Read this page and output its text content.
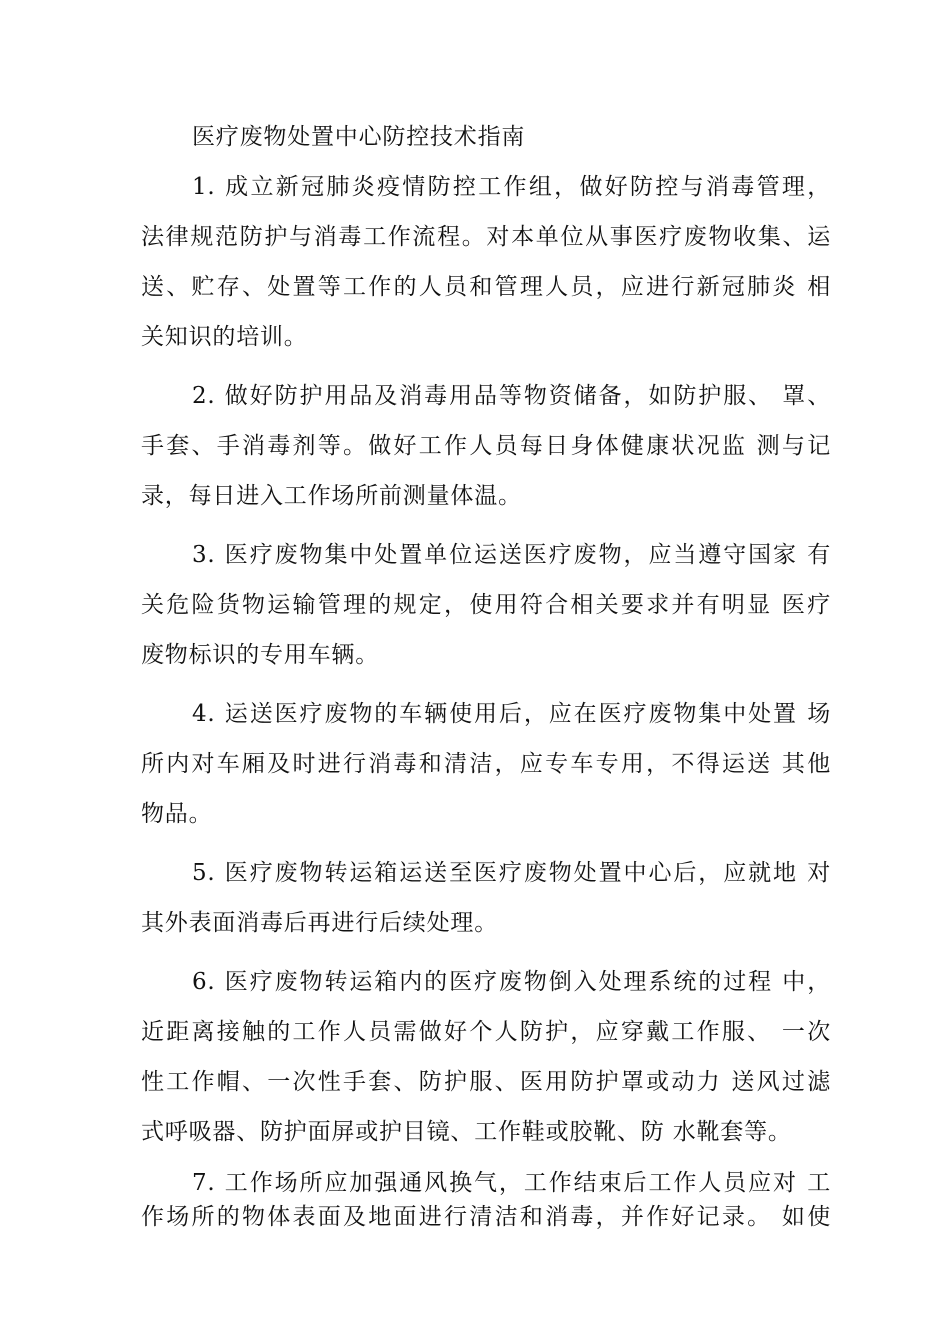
医疗废物处置中心防控技术指南
1. 成立新冠肺炎疫情防控工作组，做好防控与消毒管理，
法律规范防护与消毒工作流程。对本单位从事医疗废物收集、运
送、贮存、处置等工作的人员和管理人员，应进行新冠肺炎 相
关知识的培训。
2. 做好防护用品及消毒用品等物资储备，如防护服、 罩、
手套、手消毒剂等。做好工作人员每日身体健康状况监 测与记
录，每日进入工作场所前测量体温。
3. 医疗废物集中处置单位运送医疗废物，应当遵守国家 有
关危险货物运输管理的规定，使用符合相关要求并有明显 医疗
废物标识的专用车辆。
4. 运送医疗废物的车辆使用后，应在医疗废物集中处置 场
所内对车厢及时进行消毒和清洁，应专车专用，不得运送 其他
物品。
5. 医疗废物转运箱运送至医疗废物处置中心后，应就地 对
其外表面消毒后再进行后续处理。
6. 医疗废物转运箱内的医疗废物倒入处理系统的过程 中，
近距离接触的工作人员需做好个人防护，应穿戴工作服、 一次
性工作帽、一次性手套、防护服、医用防护罩或动力 送风过滤
式呼吸器、防护面屏或护目镜、工作鞋或胶靴、防 水靴套等。
7. 工作场所应加强通风换气，工作结束后工作人员应对 工
作场所的物体表面及地面进行清洁和消毒，并作好记录。 如使
